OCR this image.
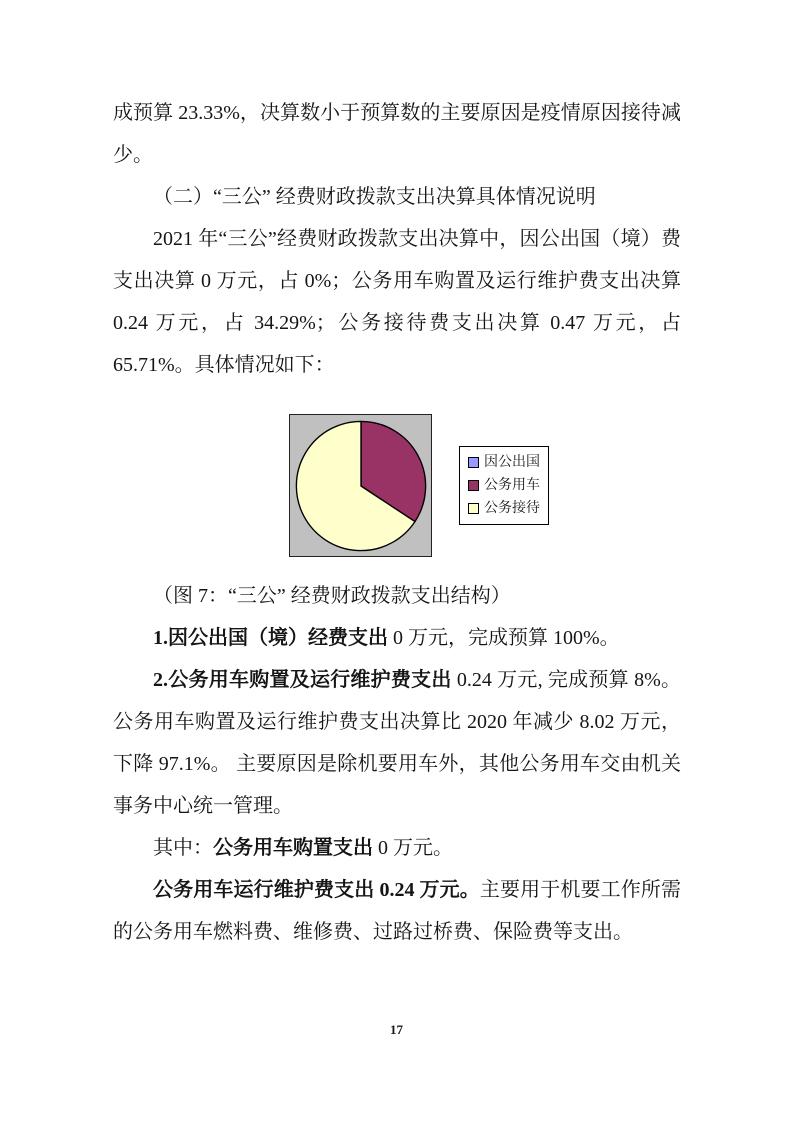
成预算 23.33%，决算数小于预算数的主要原因是疫情原因接待减少。

（二）“三公” 经费财政拨款支出决算具体情况说明

2021 年“三公”经费财政拨款支出决算中，因公出国（境）费支出决算 0 万元，占 0%；公务用车购置及运行维护费支出决算 0.24 万元，占 34.29%；公务接待费支出决算 0.47 万元，占 65.71%。具体情况如下：

因公出国
公务用车
公务接待

（图 7：“三公” 经费财政拨款支出结构）

1.因公出国（境）经费支出 0 万元，完成预算 100%。

2.公务用车购置及运行维护费支出 0.24 万元, 完成预算 8%。公务用车购置及运行维护费支出决算比 2020 年减少 8.02 万元，下降 97.1%。 主要原因是除机要用车外，其他公务用车交由机关事务中心统一管理。

其中：公务用车购置支出 0 万元。

公务用车运行维护费支出 0.24 万元。主要用于机要工作所需的公务用车燃料费、维修费、过路过桥费、保险费等支出。

17
